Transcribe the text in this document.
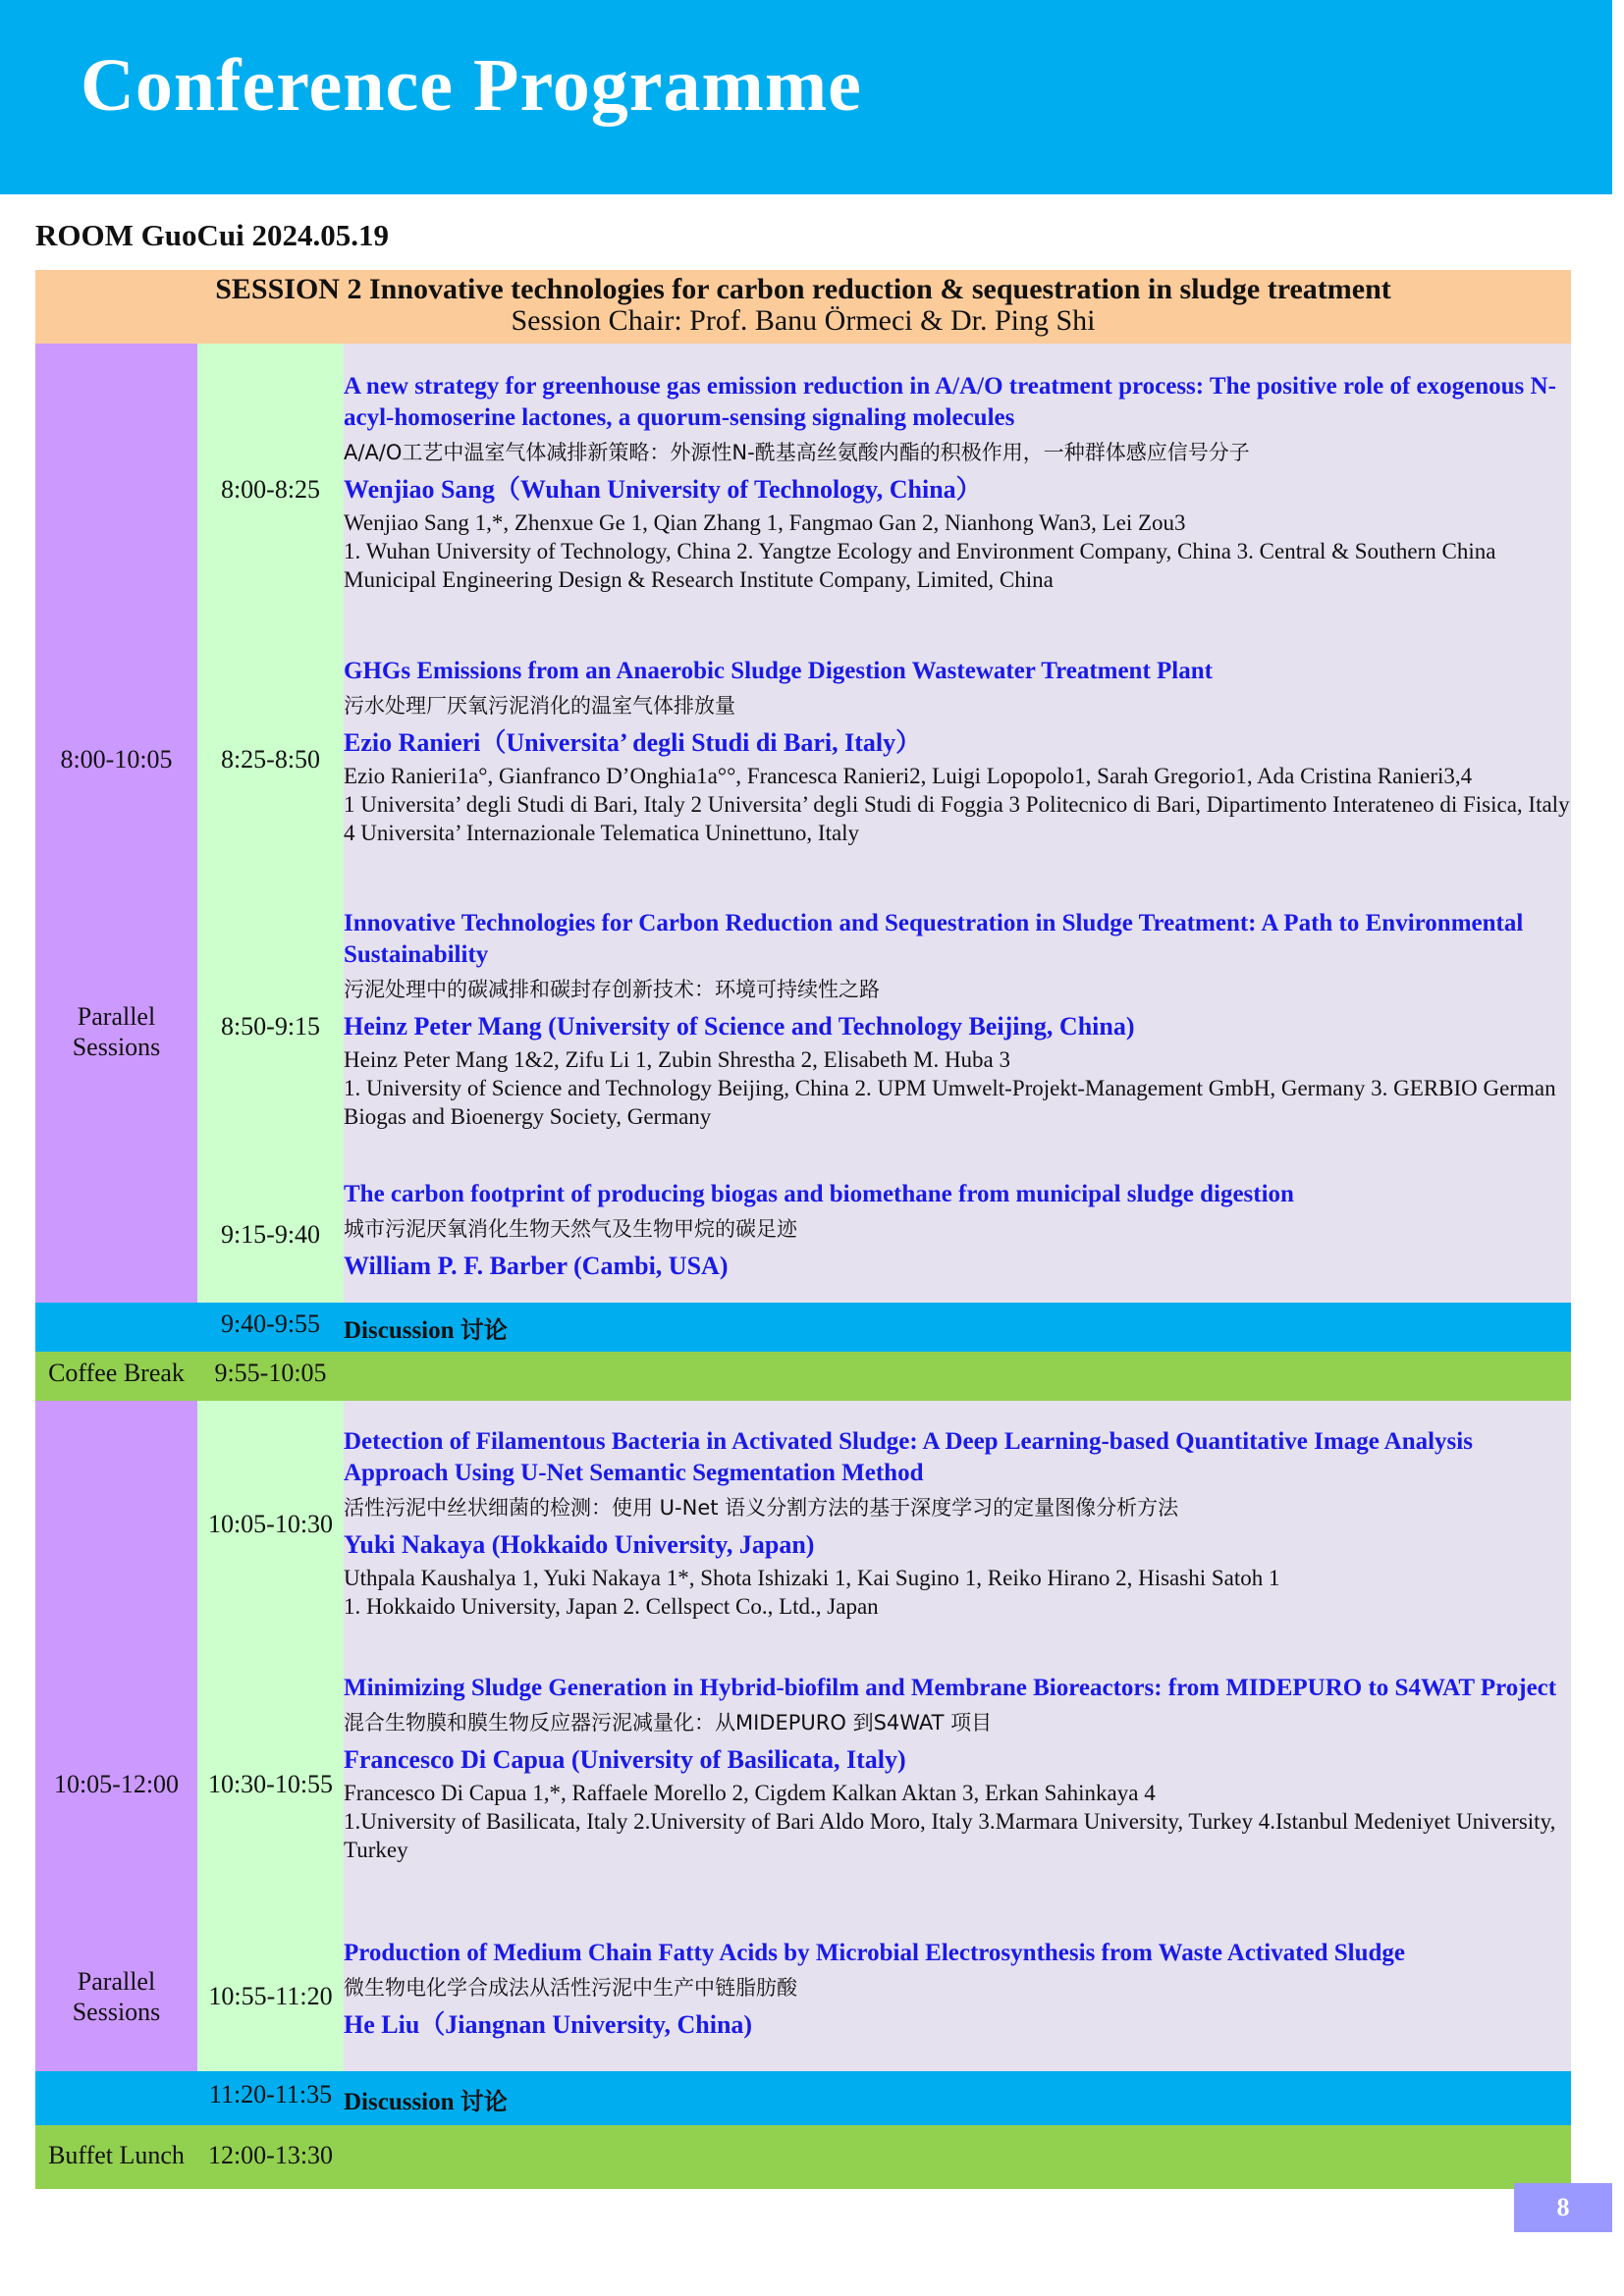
Conference Programme
ROOM GuoCui 2024.05.19
SESSION 2 Innovative technologies for carbon reduction & sequestration in sludge treatment
Session Chair: Prof. Banu Örmeci & Dr. Ping Shi
8:00-10:05
Parallel
Sessions
8:00-8:25
A new strategy for greenhouse gas emission reduction in A/A/O treatment process: The positive role of exogenous N-acyl-homoserine lactones, a quorum-sensing signaling molecules
A/A/O工艺中温室气体减排新策略：外源性N-酰基高丝氨酸内酯的积极作用，一种群体感应信号分子
Wenjiao Sang（Wuhan University of Technology, China）
Wenjiao Sang 1,*, Zhenxue Ge 1, Qian Zhang 1, Fangmao Gan 2, Nianhong Wan3, Lei Zou3
1. Wuhan University of Technology, China 2. Yangtze Ecology and Environment Company, China 3. Central & Southern China Municipal Engineering Design & Research Institute Company, Limited, China
8:25-8:50
GHGs Emissions from an Anaerobic Sludge Digestion Wastewater Treatment Plant
污水处理厂厌氧污泥消化的温室气体排放量
Ezio Ranieri（Universita’ degli Studi di Bari, Italy）
Ezio Ranieri1a°, Gianfranco D’Onghia1a°°, Francesca Ranieri2, Luigi Lopopolo1, Sarah Gregorio1, Ada Cristina Ranieri3,4
1 Universita’ degli Studi di Bari, Italy 2 Universita’ degli Studi di Foggia 3 Politecnico di Bari, Dipartimento Interateneo di Fisica, Italy 4 Universita’ Internazionale Telematica Uninettuno, Italy
8:50-9:15
Innovative Technologies for Carbon Reduction and Sequestration in Sludge Treatment: A Path to Environmental Sustainability
污泥处理中的碳减排和碳封存创新技术：环境可持续性之路
Heinz Peter Mang (University of Science and Technology Beijing, China)
Heinz Peter Mang 1&2, Zifu Li 1, Zubin Shrestha 2, Elisabeth M. Huba 3
1. University of Science and Technology Beijing, China 2. UPM Umwelt-Projekt-Management GmbH, Germany 3. GERBIO German Biogas and Bioenergy Society, Germany
9:15-9:40
The carbon footprint of producing biogas and biomethane from municipal sludge digestion
城市污泥厌氧消化生物天然气及生物甲烷的碳足迹
William P. F. Barber (Cambi, USA)
9:40-9:55 Discussion 讨论
Coffee Break	9:55-10:05
10:05-12:00
Parallel
Sessions
10:05-10:30
Detection of Filamentous Bacteria in Activated Sludge: A Deep Learning-based Quantitative Image Analysis Approach Using U-Net Semantic Segmentation Method
活性污泥中丝状细菌的检测：使用 U-Net 语义分割方法的基于深度学习的定量图像分析方法
Yuki Nakaya (Hokkaido University, Japan)
Uthpala Kaushalya 1, Yuki Nakaya 1*, Shota Ishizaki 1, Kai Sugino 1, Reiko Hirano 2, Hisashi Satoh 1
1. Hokkaido University, Japan 2. Cellspect Co., Ltd., Japan
10:30-10:55
Minimizing Sludge Generation in Hybrid-biofilm and Membrane Bioreactors: from MIDEPURO to S4WAT Project
混合生物膜和膜生物反应器污泥减量化：从MIDEPURO 到S4WAT 项目
Francesco Di Capua (University of Basilicata, Italy)
Francesco Di Capua 1,*, Raffaele Morello 2, Cigdem Kalkan Aktan 3, Erkan Sahinkaya 4
1.University of Basilicata, Italy 2.University of Bari Aldo Moro, Italy 3.Marmara University, Turkey 4.Istanbul Medeniyet University, Turkey
10:55-11:20
Production of Medium Chain Fatty Acids by Microbial Electrosynthesis from Waste Activated Sludge
微生物电化学合成法从活性污泥中生产中链脂肪酸
He Liu（Jiangnan University, China)
11:20-11:35 Discussion 讨论
Buffet Lunch 12:00-13:30
8
